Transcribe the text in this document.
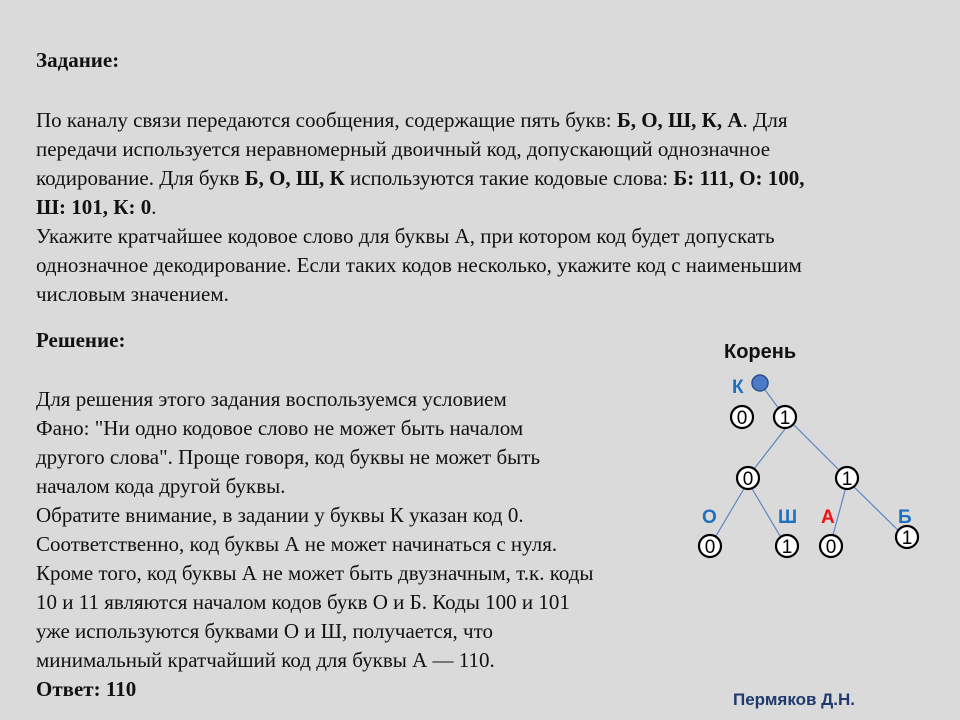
Задание:
По каналу связи передаются сообщения, содержащие пять букв: Б, О, Ш, К, А. Для
передачи используется неравномерный двоичный код, допускающий однозначное
кодирование. Для букв Б, О, Ш, К используются такие кодовые слова: Б: 111, О: 100,
Ш: 101, К: 0.
Укажите кратчайшее кодовое слово для буквы А, при котором код будет допускать
однозначное декодирование. Если таких кодов несколько, укажите код с наименьшим
числовым значением.
Решение:
Для решения этого задания воспользуемся условием
Фано: "Ни одно кодовое слово не может быть началом
другого слова". Проще говоря, код буквы не может быть
началом кода другой буквы.
Обратите внимание, в задании у буквы К указан код 0.
Соответственно, код буквы А не может начинаться с нуля.
Кроме того, код буквы А не может быть двузначным, т.к. коды
10 и 11 являются началом кодов букв О и Б. Коды 100 и 101
уже используются буквами О и Ш, получается, что
минимальный кратчайший код для буквы А — 110.
Ответ: 110
Корень
К
0 1
0	1
0	1 0	1
О	Ш А	Б
Пермяков Д.Н.
